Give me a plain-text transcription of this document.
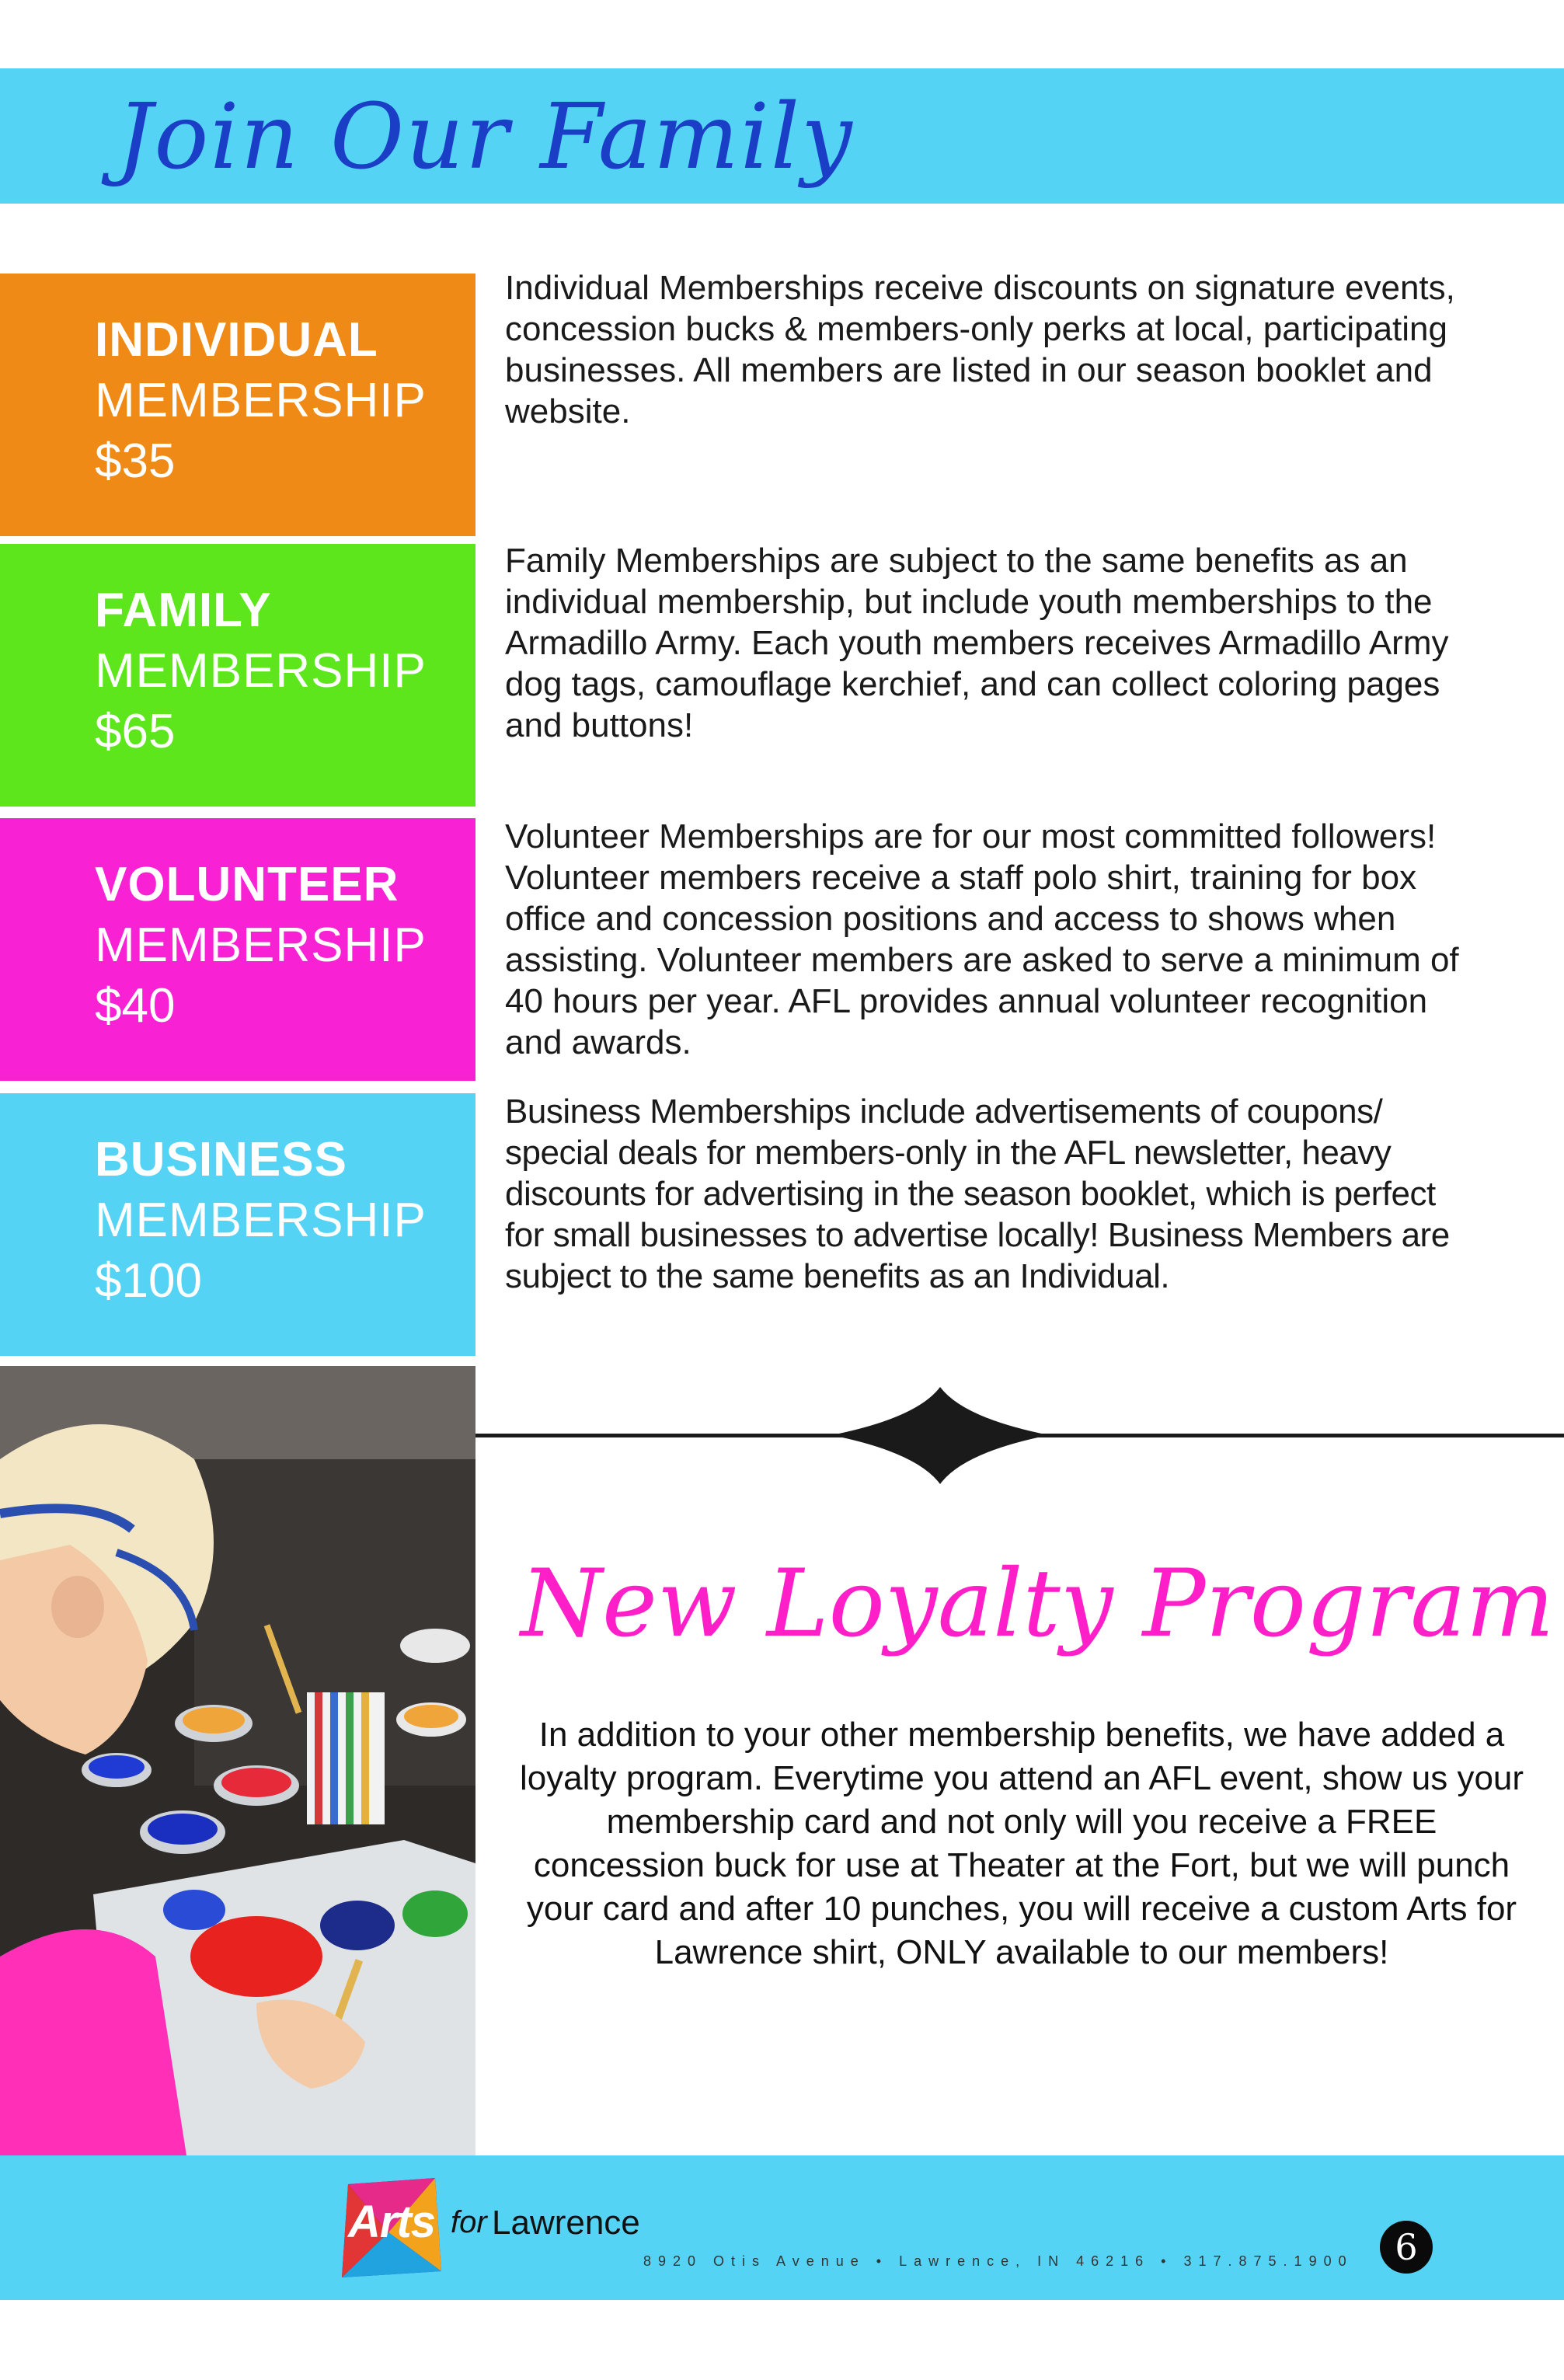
Join Our Family
INDIVIDUAL
MEMBERSHIP
$35
Individual Memberships receive discounts on signature events, concession bucks & members-only perks at local, participating businesses. All members are listed in our season booklet and website.
FAMILY
MEMBERSHIP
$65
Family Memberships are subject to the same benefits as an individual membership, but include youth memberships to the Armadillo Army. Each youth members receives Armadillo Army dog tags, camouflage kerchief, and can collect coloring pages and buttons!
VOLUNTEER
MEMBERSHIP
$40
Volunteer Memberships are for our most committed followers! Volunteer members receive a staff polo shirt, training for box office and concession positions and access to shows when assisting. Volunteer members are asked to serve a minimum of 40 hours per year. AFL provides annual volunteer recognition and awards.
BUSINESS
MEMBERSHIP
$100
Business Memberships include advertisements of coupons/ special deals for members-only in the AFL newsletter, heavy discounts for advertising in the season booklet, which is perfect for small businesses to advertise locally! Business Members are subject to the same benefits as an Individual.
New Loyalty Program
In addition to your other membership benefits, we have added a loyalty program. Everytime you attend an AFL event, show us your membership card and not only will you receive a FREE concession buck for use at Theater at the Fort, but we will punch your card and after 10 punches, you will receive a custom Arts for Lawrence shirt, ONLY available to our members!
Arts for Lawrence
8920 Otis Avenue • Lawrence, IN 46216 • 317.875.1900	6
